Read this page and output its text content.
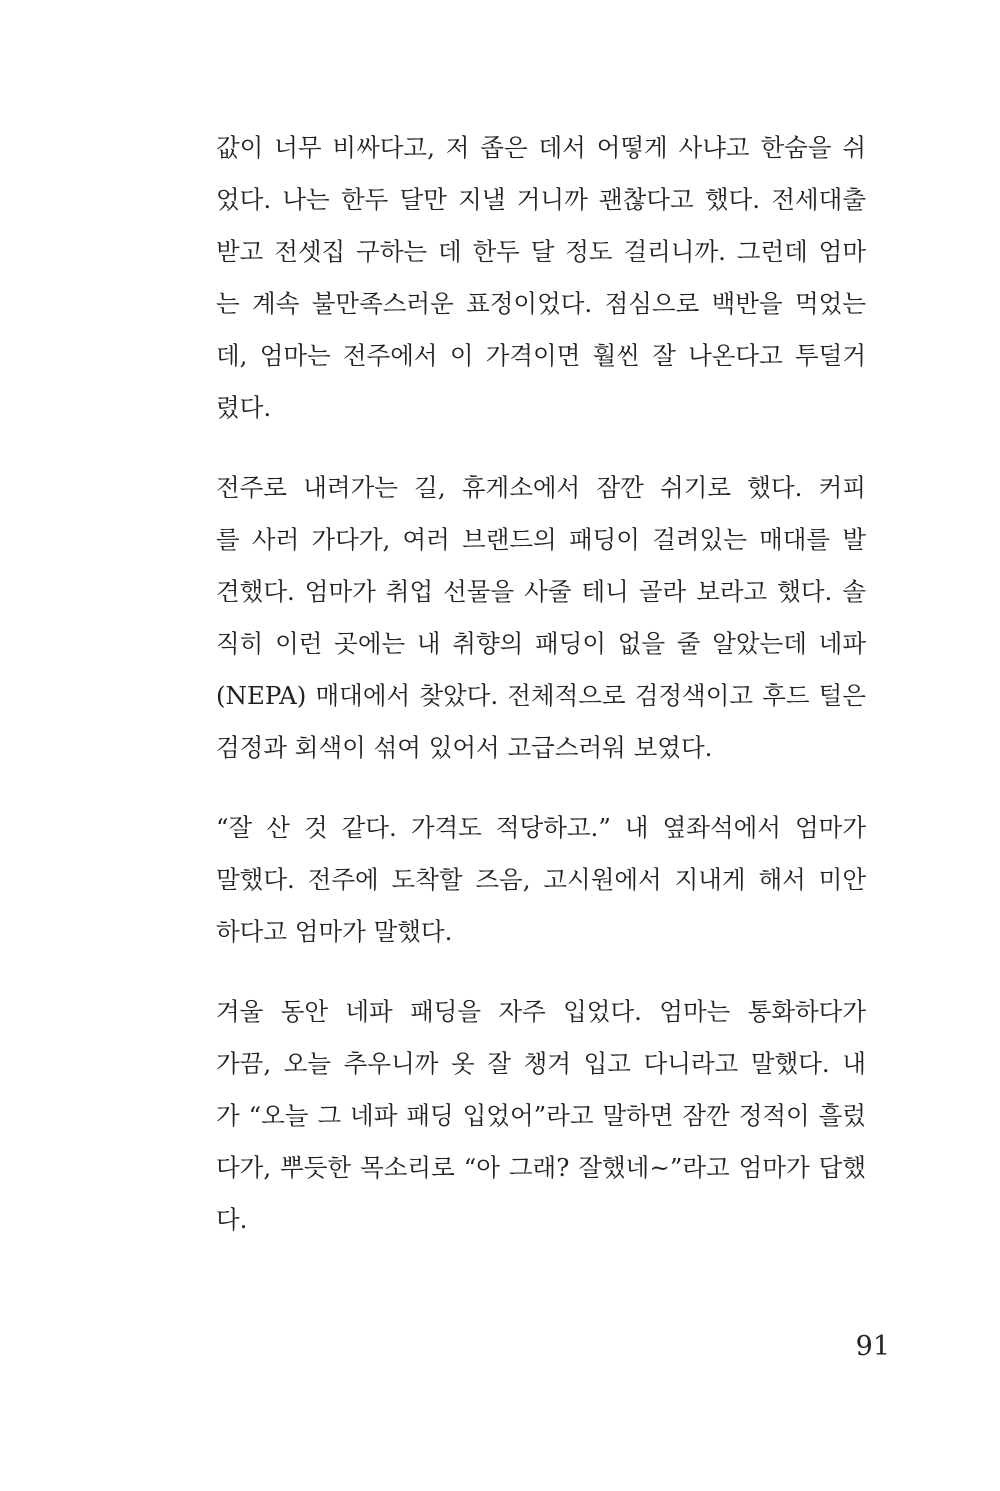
값이 너무 비싸다고, 저 좁은 데서 어떻게 사냐고 한숨을 쉬
었다. 나는 한두 달만 지낼 거니까 괜찮다고 했다. 전세대출
받고 전셋집 구하는 데 한두 달 정도 걸리니까. 그런데 엄마
는 계속 불만족스러운 표정이었다. 점심으로 백반을 먹었는
데, 엄마는 전주에서 이 가격이면 훨씬 잘 나온다고 투덜거
렸다.
전주로 내려가는 길, 휴게소에서 잠깐 쉬기로 했다. 커피
를 사러 가다가, 여러 브랜드의 패딩이 걸려있는 매대를 발
견했다. 엄마가 취업 선물을 사줄 테니 골라 보라고 했다. 솔
직히 이런 곳에는 내 취향의 패딩이 없을 줄 알았는데 네파
(NEPA) 매대에서 찾았다. 전체적으로 검정색이고 후드 털은
검정과 회색이 섞여 있어서 고급스러워 보였다.
“잘 산 것 같다. 가격도 적당하고.” 내 옆좌석에서 엄마가
말했다. 전주에 도착할 즈음, 고시원에서 지내게 해서 미안
하다고 엄마가 말했다.
겨울 동안 네파 패딩을 자주 입었다. 엄마는 통화하다가
가끔, 오늘 추우니까 옷 잘 챙겨 입고 다니라고 말했다. 내
가 “오늘 그 네파 패딩 입었어”라고 말하면 잠깐 정적이 흘렀
다가, 뿌듯한 목소리로 “아 그래? 잘했네~”라고 엄마가 답했
다.
91
